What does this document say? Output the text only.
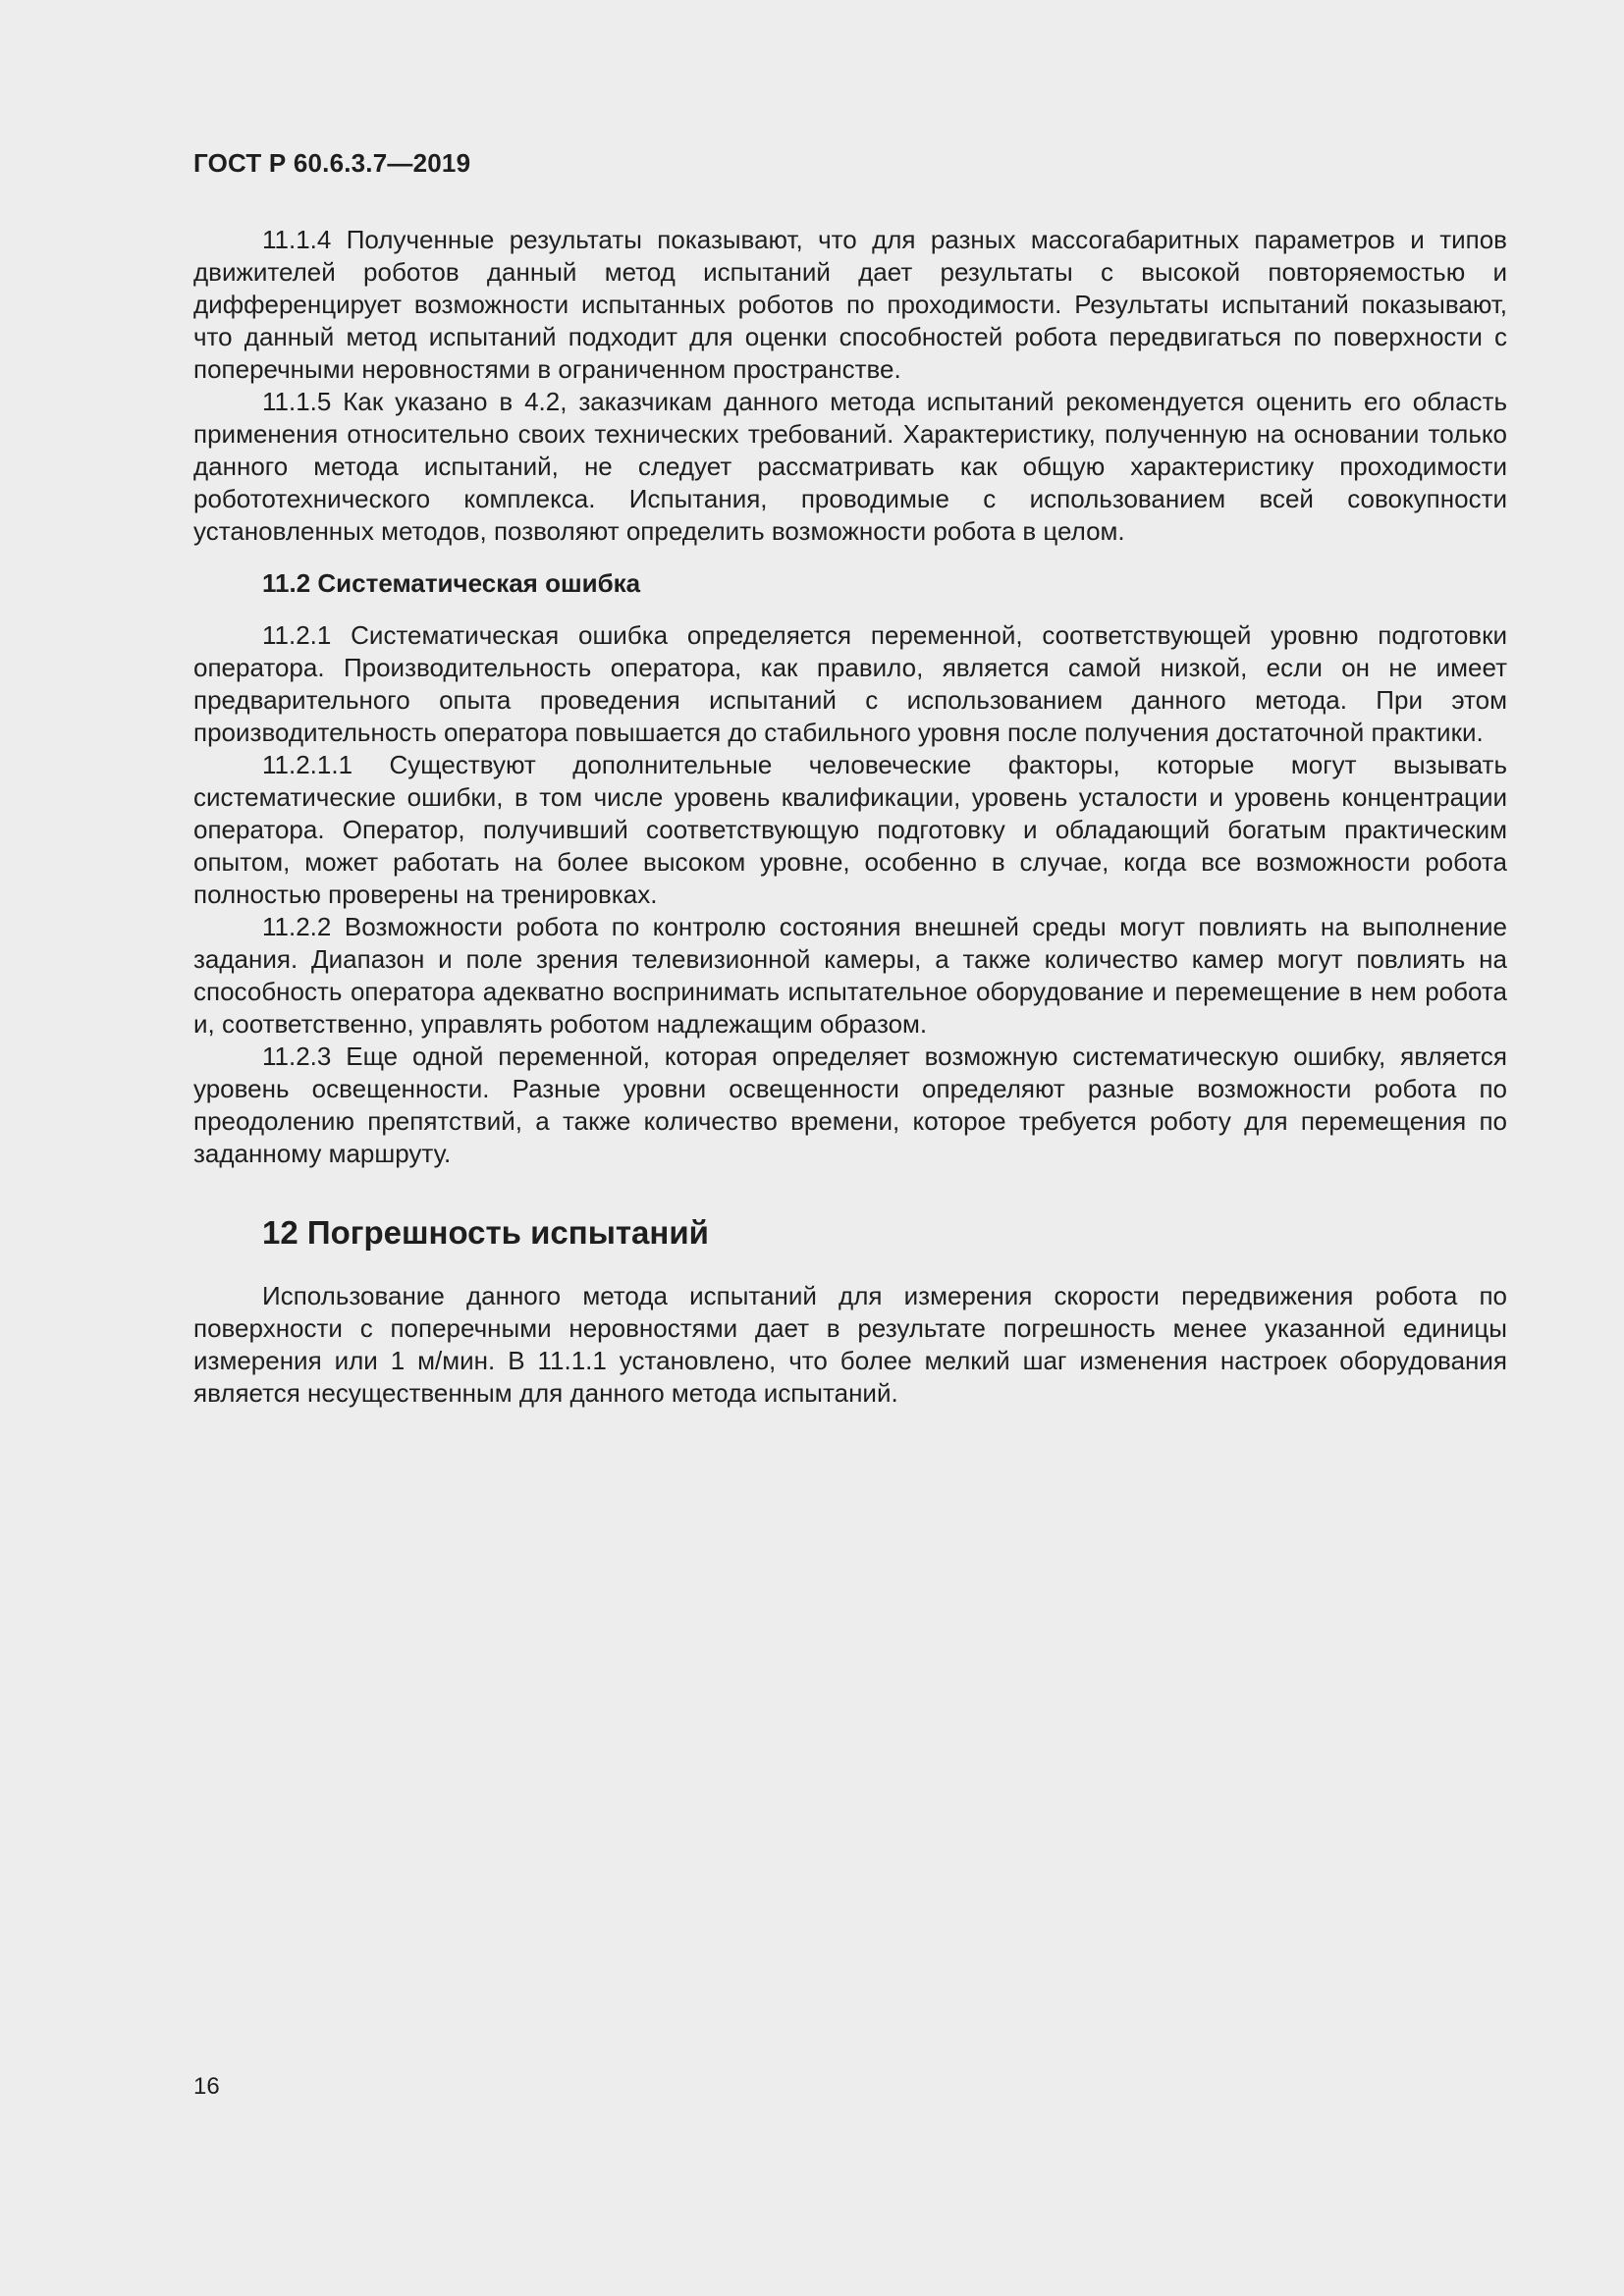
ГОСТ Р 60.6.3.7—2019

11.1.4 Полученные результаты показывают, что для разных массогабаритных параметров и типов движителей роботов данный метод испытаний дает результаты с высокой повторяемостью и дифференцирует возможности испытанных роботов по проходимости. Результаты испытаний показывают, что данный метод испытаний подходит для оценки способностей робота передвигаться по поверхности с поперечными неровностями в ограниченном пространстве.

11.1.5 Как указано в 4.2, заказчикам данного метода испытаний рекомендуется оценить его область применения относительно своих технических требований. Характеристику, полученную на основании только данного метода испытаний, не следует рассматривать как общую характеристику проходимости робототехнического комплекса. Испытания, проводимые с использованием всей совокупности установленных методов, позволяют определить возможности робота в целом.

11.2 Систематическая ошибка

11.2.1 Систематическая ошибка определяется переменной, соответствующей уровню подготовки оператора. Производительность оператора, как правило, является самой низкой, если он не имеет предварительного опыта проведения испытаний с использованием данного метода. При этом производительность оператора повышается до стабильного уровня после получения достаточной практики.

11.2.1.1 Существуют дополнительные человеческие факторы, которые могут вызывать систематические ошибки, в том числе уровень квалификации, уровень усталости и уровень концентрации оператора. Оператор, получивший соответствующую подготовку и обладающий богатым практическим опытом, может работать на более высоком уровне, особенно в случае, когда все возможности робота полностью проверены на тренировках.

11.2.2 Возможности робота по контролю состояния внешней среды могут повлиять на выполнение задания. Диапазон и поле зрения телевизионной камеры, а также количество камер могут повлиять на способность оператора адекватно воспринимать испытательное оборудование и перемещение в нем робота и, соответственно, управлять роботом надлежащим образом.

11.2.3 Еще одной переменной, которая определяет возможную систематическую ошибку, является уровень освещенности. Разные уровни освещенности определяют разные возможности робота по преодолению препятствий, а также количество времени, которое требуется роботу для перемещения по заданному маршруту.

12 Погрешность испытаний

Использование данного метода испытаний для измерения скорости передвижения робота по поверхности с поперечными неровностями дает в результате погрешность менее указанной единицы измерения или 1 м/мин. В 11.1.1 установлено, что более мелкий шаг изменения настроек оборудования является несущественным для данного метода испытаний.

16
